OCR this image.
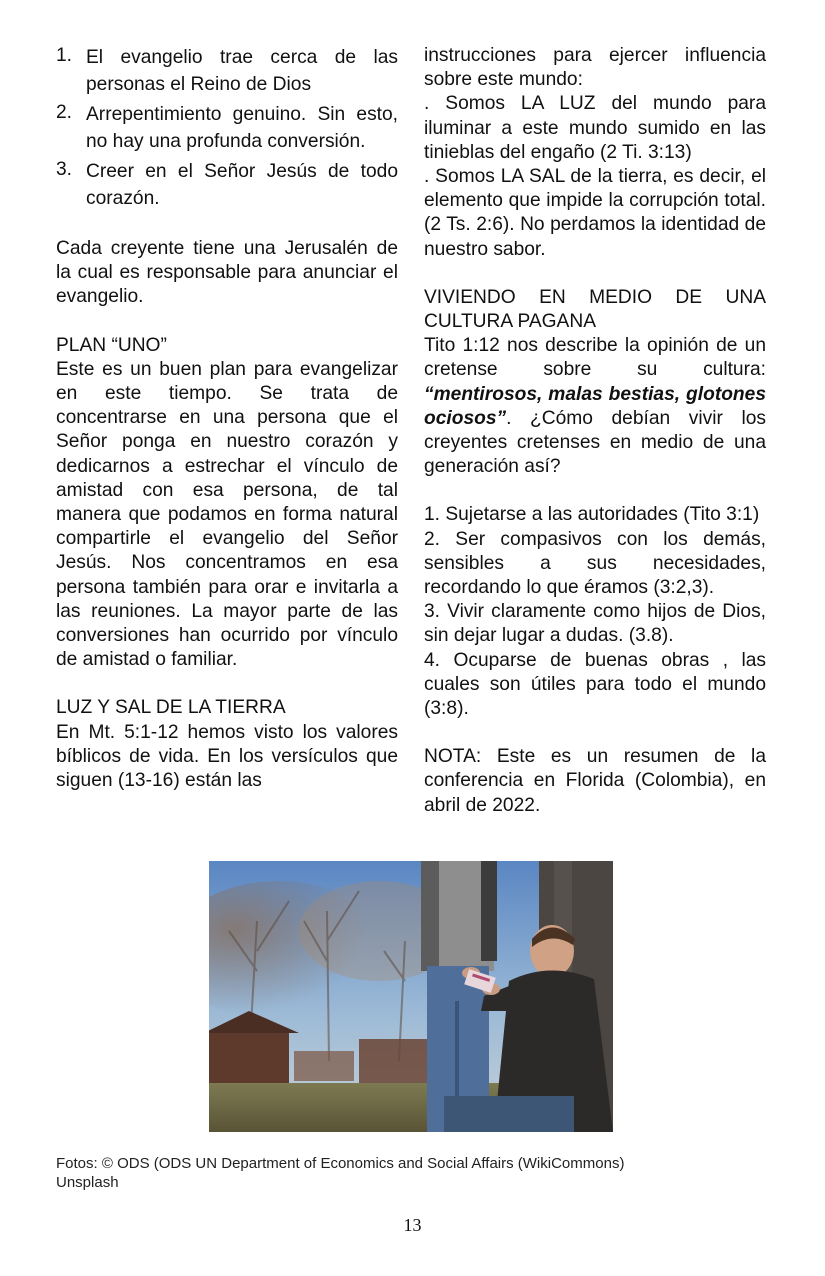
1. El evangelio trae cerca de las personas el Reino de Dios
2. Arrepentimiento genuino. Sin esto, no hay una profunda conversión.
3. Creer en el Señor Jesús de todo corazón.

Cada creyente tiene una Jerusalén de la cual es responsable para anunciar el evangelio.

PLAN “UNO”

Este es un buen plan para evangelizar en este tiempo. Se trata de concentrarse en una persona que el Señor ponga en nuestro corazón y dedicarnos a estrechar el vínculo de amistad con esa persona, de tal manera que podamos en forma natural compartirle el evangelio del Señor Jesús. Nos concentramos en esa persona también para orar e invitarla a las reuniones. La mayor parte de las conversiones han ocurrido por vínculo de amistad o familiar.

LUZ Y SAL DE LA TIERRA

En Mt. 5:1-12 hemos visto los valores bíblicos de vida. En los versículos que siguen (13-16) están las

instrucciones para ejercer influencia sobre este mundo:

. Somos LA LUZ del mundo para iluminar a este mundo sumido en las tinieblas del engaño (2 Ti. 3:13)

. Somos LA SAL de la tierra, es decir, el elemento que impide la corrupción total. (2 Ts. 2:6). No perdamos la identidad de nuestro sabor.

VIVIENDO EN MEDIO DE UNA CULTURA PAGANA

Tito 1:12 nos describe la opinión de un cretense sobre su cultura: “mentirosos, malas bestias, glotones ociosos”. ¿Cómo debían vivir los creyentes cretenses en medio de una generación así?

1. Sujetarse a las autoridades (Tito 3:1)

2. Ser compasivos con los demás, sensibles a sus necesidades, recordando lo que éramos (3:2,3).

3. Vivir claramente como hijos de Dios, sin dejar lugar a dudas. (3.8).

4. Ocuparse de buenas obras , las cuales son útiles para todo el mundo (3:8).

NOTA: Este es un resumen de la conferencia en Florida (Colombia), en abril de 2022.

Fotos: © ODS (ODS UN Department of Economics and Social Affairs (WikiCommons)
Unsplash
13
